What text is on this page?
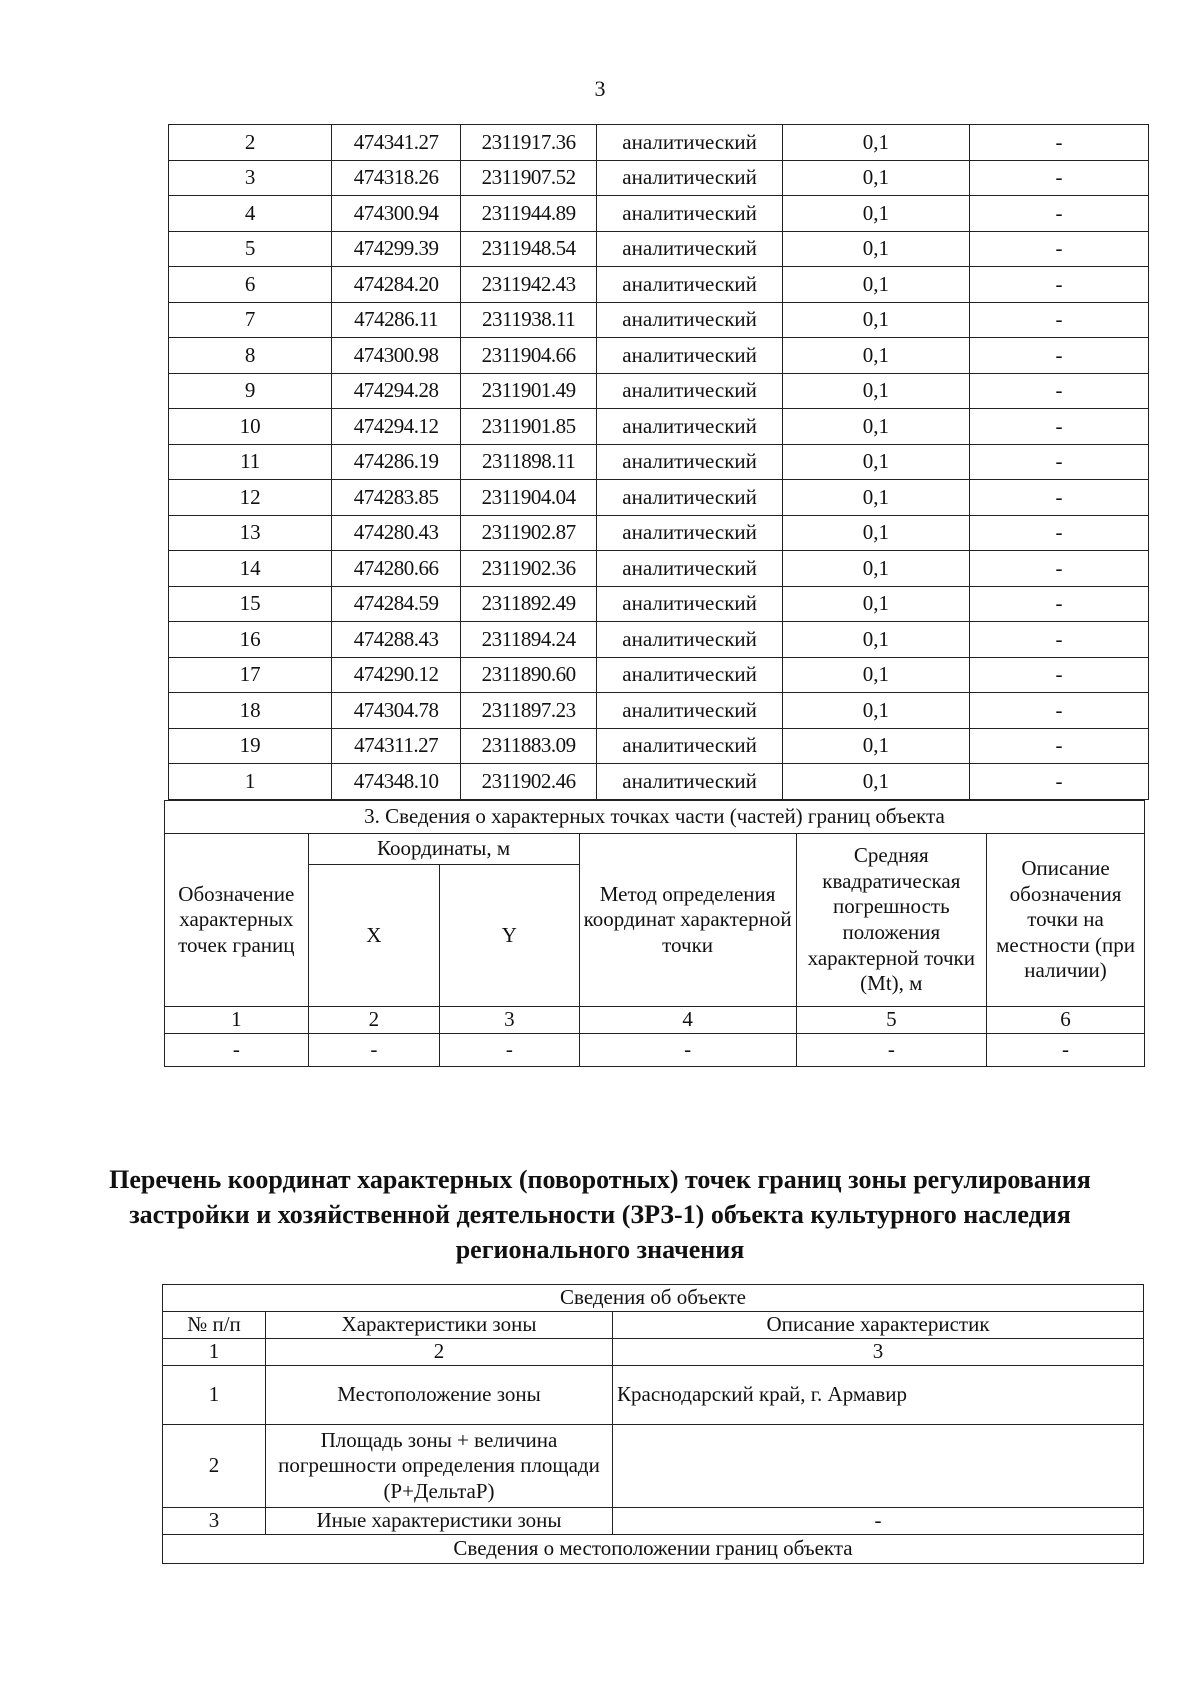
3
2	474341.27	2311917.36	аналитический	0,1	-
3	474318.26	2311907.52	аналитический	0,1	-
4	474300.94	2311944.89	аналитический	0,1	-
5	474299.39	2311948.54	аналитический	0,1	-
6	474284.20	2311942.43	аналитический	0,1	-
7	474286.11	2311938.11	аналитический	0,1	-
8	474300.98	2311904.66	аналитический	0,1	-
9	474294.28	2311901.49	аналитический	0,1	-
10	474294.12	2311901.85	аналитический	0,1	-
11	474286.19	2311898.11	аналитический	0,1	-
12	474283.85	2311904.04	аналитический	0,1	-
13	474280.43	2311902.87	аналитический	0,1	-
14	474280.66	2311902.36	аналитический	0,1	-
15	474284.59	2311892.49	аналитический	0,1	-
16	474288.43	2311894.24	аналитический	0,1	-
17	474290.12	2311890.60	аналитический	0,1	-
18	474304.78	2311897.23	аналитический	0,1	-
19	474311.27	2311883.09	аналитический	0,1	-
1	474348.10	2311902.46	аналитический	0,1	-
3. Сведения о характерных точках части (частей) границ объекта					
Обозначение характерных точек границ	Координаты, м		Метод определения координат характерной точки	Средняя квадратическая погрешность положения характерной точки (Mt), м	Описание обозначения точки на местности (при наличии)
	X	Y			
1	2	3	4	5	6
-	-	-	-	-	-
Перечень координат характерных (поворотных) точек границ зоны регулирования застройки и хозяйственной деятельности (ЗРЗ-1) объекта культурного наследия регионального значения
Сведения об объекте		
№ п/п	Характеристики зоны	Описание характеристик
1	2	3
1	Местоположение зоны	Краснодарский край, г. Армавир
2	Площадь зоны + величина погрешности определения площади (P+ДельтаP)	
3	Иные характеристики зоны	-
Сведения о местоположении границ объекта		
